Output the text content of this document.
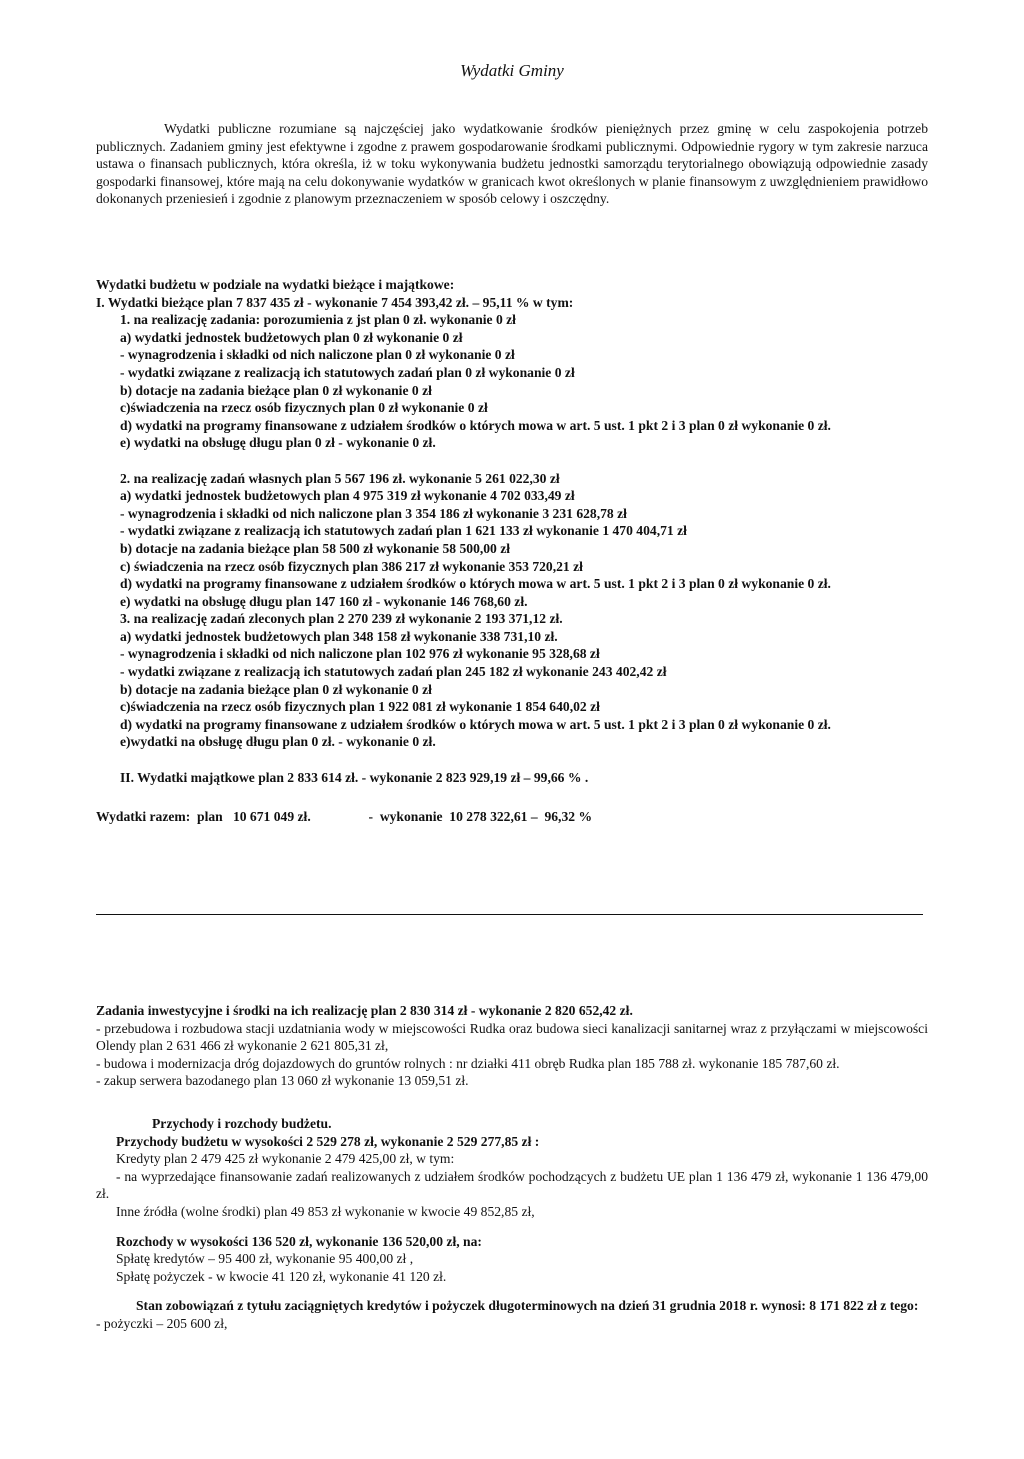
Wydatki Gminy

Wydatki publiczne rozumiane są najczęściej jako wydatkowanie środków pieniężnych przez gminę w celu zaspokojenia potrzeb publicznych. Zadaniem gminy jest efektywne i zgodne z prawem gospodarowanie środkami publicznymi. Odpowiednie rygory w tym zakresie narzuca ustawa o finansach publicznych, która określa, iż w toku wykonywania budżetu jednostki samorządu terytorialnego obowiązują odpowiednie zasady gospodarki finansowej, które mają na celu dokonywanie wydatków w granicach kwot określonych w planie finansowym z uwzględnieniem prawidłowo dokonanych przeniesień i zgodnie z planowym przeznaczeniem w sposób celowy i oszczędny.

Wydatki budżetu w podziale na wydatki bieżące i majątkowe:
I. Wydatki bieżące plan 7 837 435 zł - wykonanie 7 454 393,42 zł. – 95,11 % w tym:
1. na realizację zadania: porozumienia z jst plan 0 zł. wykonanie 0 zł
a) wydatki jednostek budżetowych plan 0 zł wykonanie 0 zł
- wynagrodzenia i składki od nich naliczone plan 0 zł wykonanie 0 zł
- wydatki związane z realizacją ich statutowych zadań plan 0 zł wykonanie 0 zł
b) dotacje na zadania bieżące plan 0 zł wykonanie 0 zł
c)świadczenia na rzecz osób fizycznych plan 0 zł wykonanie 0 zł
d) wydatki na programy finansowane z udziałem środków o których mowa w art. 5 ust. 1 pkt 2 i 3 plan 0 zł wykonanie 0 zł.
e) wydatki na obsługę długu plan 0 zł - wykonanie 0 zł.
2. na realizację zadań własnych plan 5 567 196 zł. wykonanie 5 261 022,30 zł
a) wydatki jednostek budżetowych plan 4 975 319 zł wykonanie 4 702 033,49 zł
- wynagrodzenia i składki od nich naliczone plan 3 354 186 zł wykonanie 3 231 628,78 zł
- wydatki związane z realizacją ich statutowych zadań plan 1 621 133 zł wykonanie 1 470 404,71 zł
b) dotacje na zadania bieżące plan 58 500 zł wykonanie 58 500,00 zł
c) świadczenia na rzecz osób fizycznych plan 386 217 zł wykonanie 353 720,21 zł
d) wydatki na programy finansowane z udziałem środków o których mowa w art. 5 ust. 1 pkt 2 i 3 plan 0 zł wykonanie 0 zł.
e) wydatki na obsługę długu plan 147 160 zł - wykonanie 146 768,60 zł.
3. na realizację zadań zleconych plan 2 270 239 zł wykonanie 2 193 371,12 zł.
a) wydatki jednostek budżetowych plan 348 158 zł wykonanie 338 731,10 zł.
- wynagrodzenia i składki od nich naliczone plan 102 976 zł wykonanie 95 328,68 zł
- wydatki związane z realizacją ich statutowych zadań plan 245 182 zł wykonanie 243 402,42 zł
b) dotacje na zadania bieżące plan 0 zł wykonanie 0 zł
c)świadczenia na rzecz osób fizycznych plan 1 922 081 zł wykonanie 1 854 640,02 zł
d) wydatki na programy finansowane z udziałem środków o których mowa w art. 5 ust. 1 pkt 2 i 3 plan 0 zł wykonanie 0 zł.
e)wydatki na obsługę długu plan 0 zł. - wykonanie 0 zł.
II. Wydatki majątkowe plan 2 833 614 zł. - wykonanie 2 823 929,19 zł – 99,66 % .
Wydatki razem:  plan   10 671 049 zł.                 -  wykonanie  10 278 322,61 –  96,32 %
Zadania inwestycyjne i środki na ich realizację plan 2 830 314 zł - wykonanie 2 820 652,42 zł.
- przebudowa i rozbudowa stacji uzdatniania wody w miejscowości Rudka oraz budowa sieci kanalizacji sanitarnej wraz z przyłączami w miejscowości Olendy plan 2 631 466 zł wykonanie 2 621 805,31 zł,
- budowa i modernizacja dróg dojazdowych do gruntów rolnych : nr działki 411 obręb Rudka plan 185 788 zł. wykonanie 185 787,60 zł.
- zakup serwera bazodanego plan 13 060 zł wykonanie 13 059,51 zł.
Przychody i rozchody budżetu.
Przychody budżetu w wysokości 2 529 278 zł, wykonanie 2 529 277,85 zł :
Kredyty plan 2 479 425 zł wykonanie 2 479 425,00 zł, w tym:
- na wyprzedające finansowanie zadań realizowanych z udziałem środków pochodzących z budżetu UE plan 1 136 479 zł, wykonanie 1 136 479,00 zł.
Inne źródła (wolne środki) plan 49 853 zł wykonanie w kwocie 49 852,85 zł,
Rozchody w wysokości 136 520 zł, wykonanie 136 520,00 zł, na:
Spłatę kredytów – 95 400 zł, wykonanie 95 400,00 zł ,
Spłatę pożyczek - w kwocie 41 120 zł, wykonanie 41 120 zł.
Stan zobowiązań z tytułu zaciągniętych kredytów i pożyczek długoterminowych na dzień 31 grudnia 2018 r. wynosi: 8 171 822 zł z tego:
- pożyczki – 205 600 zł,
